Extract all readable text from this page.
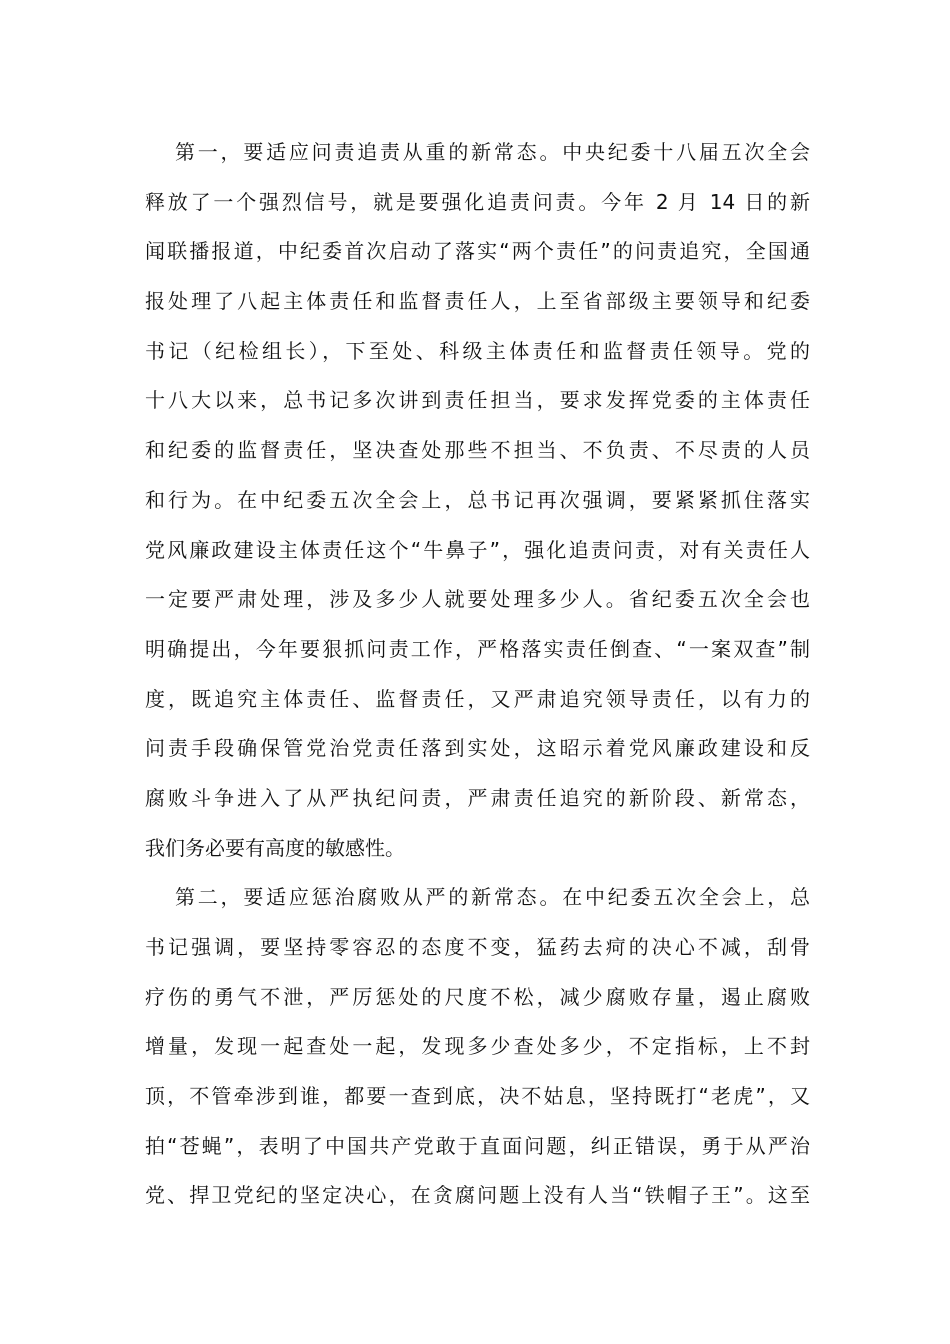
第一，要适应问责追责从重的新常态。中央纪委十八届五次全会
释放了一个强烈信号，就是要强化追责问责。今年 2 月 14 日的新
闻联播报道，中纪委首次启动了落实“两个责任”的问责追究，全国通
报处理了八起主体责任和监督责任人，上至省部级主要领导和纪委
书记（纪检组长），下至处、科级主体责任和监督责任领导。党的
十八大以来，总书记多次讲到责任担当，要求发挥党委的主体责任
和纪委的监督责任，坚决查处那些不担当、不负责、不尽责的人员
和行为。在中纪委五次全会上，总书记再次强调，要紧紧抓住落实
党风廉政建设主体责任这个“牛鼻子”，强化追责问责，对有关责任人
一定要严肃处理，涉及多少人就要处理多少人。省纪委五次全会也
明确提出，今年要狠抓问责工作，严格落实责任倒查、“一案双查”制
度，既追究主体责任、监督责任，又严肃追究领导责任，以有力的
问责手段确保管党治党责任落到实处，这昭示着党风廉政建设和反
腐败斗争进入了从严执纪问责，严肃责任追究的新阶段、新常态，
我们务必要有高度的敏感性。
第二，要适应惩治腐败从严的新常态。在中纪委五次全会上，总
书记强调，要坚持零容忍的态度不变，猛药去疴的决心不减，刮骨
疗伤的勇气不泄，严厉惩处的尺度不松，减少腐败存量，遏止腐败
增量，发现一起查处一起，发现多少查处多少，不定指标，上不封
顶，不管牵涉到谁，都要一查到底，决不姑息，坚持既打“老虎”，又
拍“苍蝇”，表明了中国共产党敢于直面问题，纠正错误，勇于从严治
党、捍卫党纪的坚定决心，在贪腐问题上没有人当“铁帽子王”。这至
